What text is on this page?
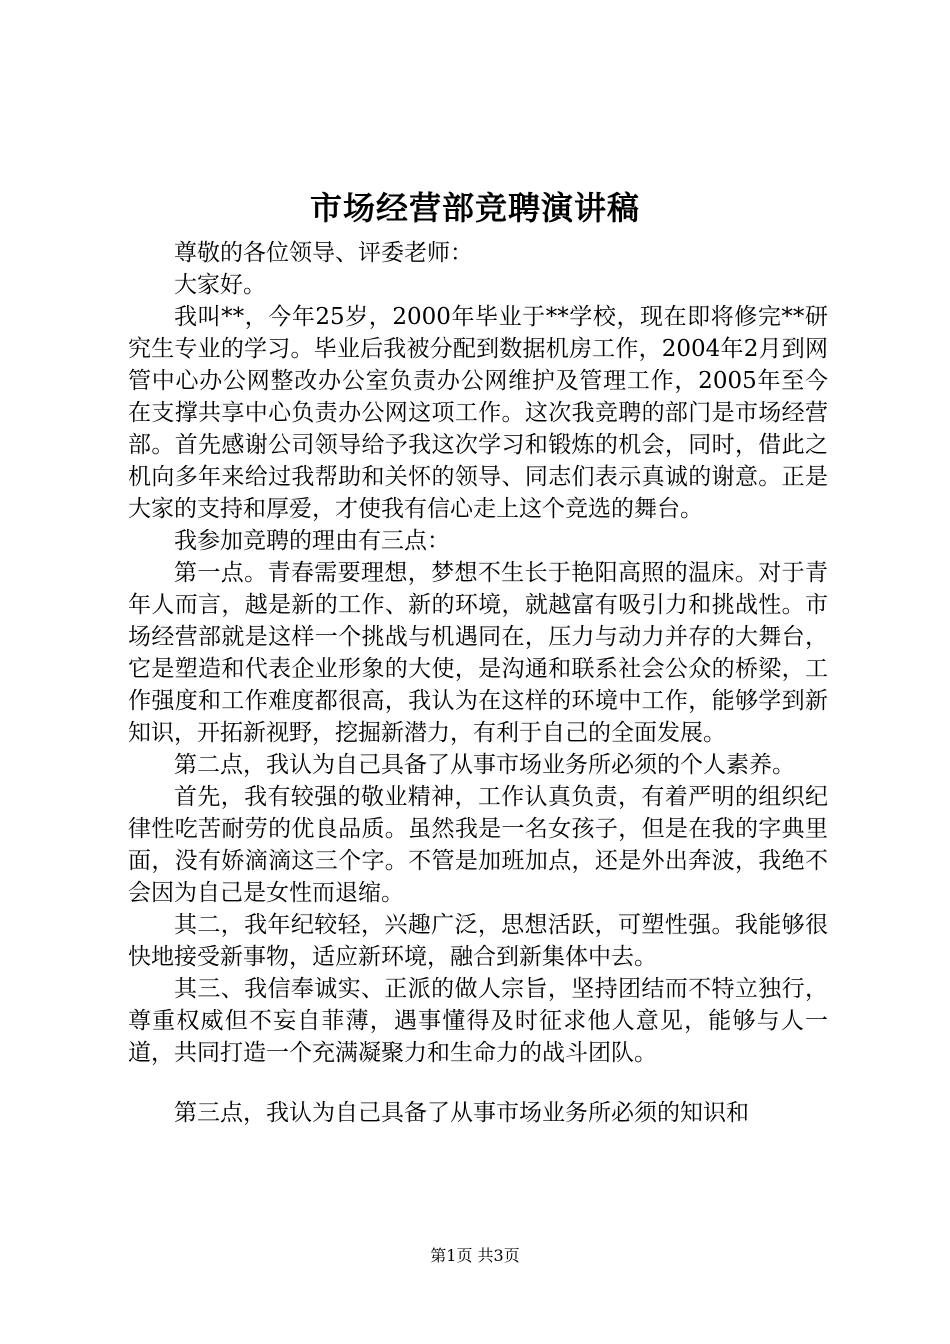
市场经营部竞聘演讲稿

尊敬的各位领导、评委老师：

大家好。

我叫**，今年25岁，2000年毕业于**学校，现在即将修完**研究生专业的学习。毕业后我被分配到数据机房工作，2004年2月到网管中心办公网整改办公室负责办公网维护及管理工作，2005年至今在支撑共享中心负责办公网这项工作。这次我竞聘的部门是市场经营部。首先感谢公司领导给予我这次学习和锻炼的机会，同时，借此之机向多年来给过我帮助和关怀的领导、同志们表示真诚的谢意。正是大家的支持和厚爱，才使我有信心走上这个竞选的舞台。

我参加竞聘的理由有三点：

第一点。青春需要理想，梦想不生长于艳阳高照的温床。对于青年人而言，越是新的工作、新的环境，就越富有吸引力和挑战性。市场经营部就是这样一个挑战与机遇同在，压力与动力并存的大舞台，它是塑造和代表企业形象的大使，是沟通和联系社会公众的桥梁，工作强度和工作难度都很高，我认为在这样的环境中工作，能够学到新知识，开拓新视野，挖掘新潜力，有利于自己的全面发展。

第二点，我认为自己具备了从事市场业务所必须的个人素养。

首先，我有较强的敬业精神，工作认真负责，有着严明的组织纪律性吃苦耐劳的优良品质。虽然我是一名女孩子，但是在我的字典里面，没有娇滴滴这三个字。不管是加班加点，还是外出奔波，我绝不会因为自己是女性而退缩。

其二，我年纪较轻，兴趣广泛，思想活跃，可塑性强。我能够很快地接受新事物，适应新环境，融合到新集体中去。

其三、我信奉诚实、正派的做人宗旨，坚持团结而不特立独行，尊重权威但不妄自菲薄，遇事懂得及时征求他人意见，能够与人一道，共同打造一个充满凝聚力和生命力的战斗团队。

第三点，我认为自己具备了从事市场业务所必须的知识和

第1页 共3页
